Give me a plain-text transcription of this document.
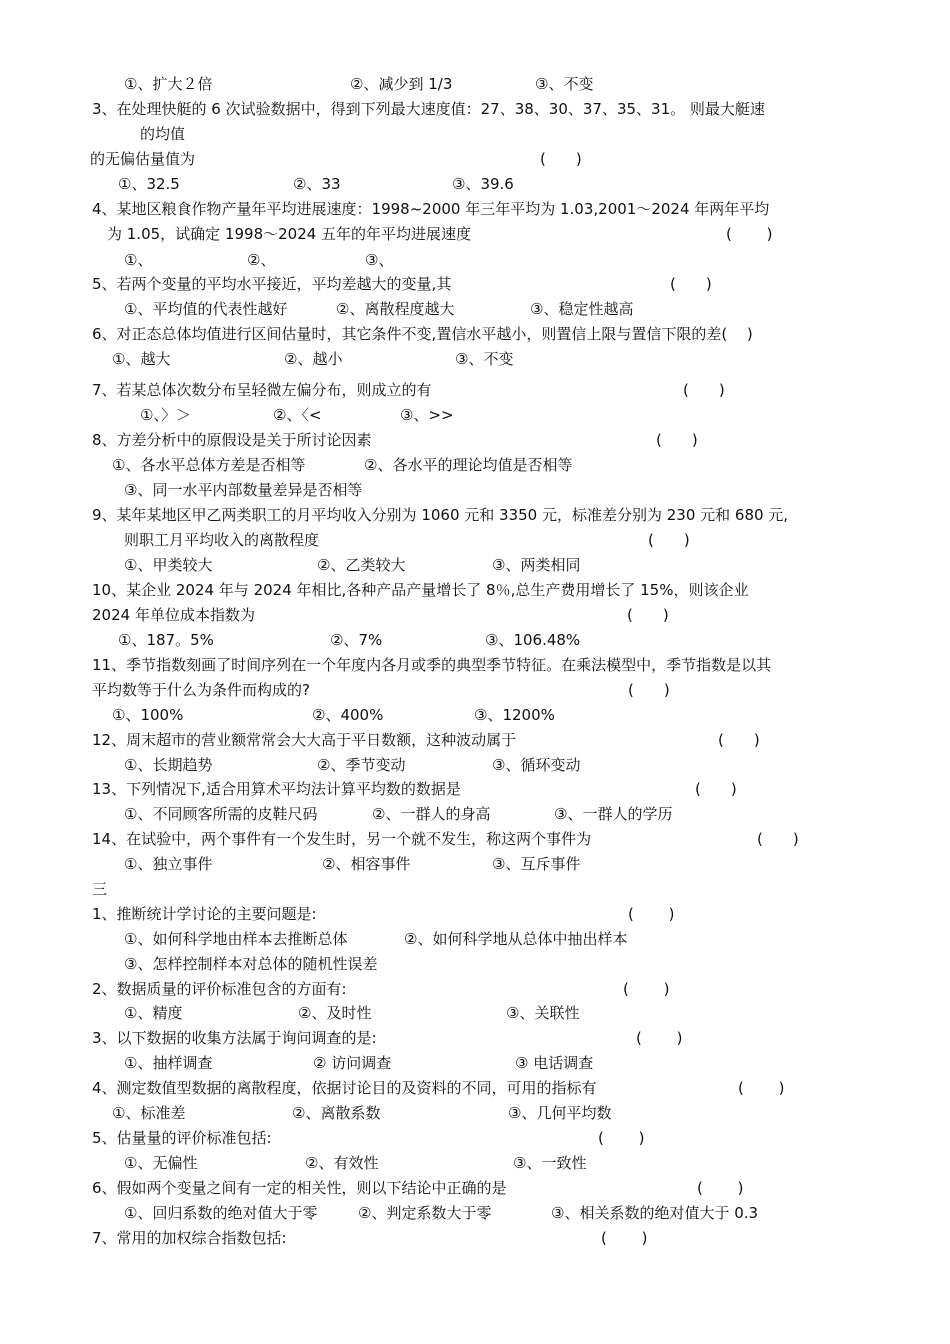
①、扩大２倍	②、减少到 1/3	③、不变
3、在处理快艇的 6 次试验数据中，得到下列最大速度值：27、38、30、37、35、31。 则最大艇速
的均值
的无偏估量值为	(　　)
①、32.5	②、33	③、39.6
4、某地区粮食作物产量年平均进展速度：1998~2000 年三年平均为 1.03,2001～2024 年两年平均
为 1.05，试确定 1998～2024 五年的年平均进展速度	(　　 )
①、	②、	③、
5、若两个变量的平均水平接近，平均差越大的变量,其	(　　)
①、平均值的代表性越好	②、离散程度越大	③、稳定性越高
6、对正态总体均值进行区间估量时，其它条件不变,置信水平越小，则置信上限与置信下限的差(　 )
①、越大	②、越小	③、不变
7、若某总体次数分布呈轻微左偏分布，则成立的有	(　　)
①、〉＞	②、〈<	③、>>
8、方差分析中的原假设是关于所讨论因素	(　　)
①、各水平总体方差是否相等	②、各水平的理论均值是否相等
③、同一水平内部数量差异是否相等
9、某年某地区甲乙两类职工的月平均收入分别为 1060 元和 3350 元，标准差分别为 230 元和 680 元,
则职工月平均收入的离散程度	(　　)
①、甲类较大	②、乙类较大	③、两类相同
10、某企业 2024 年与 2024 年相比,各种产品产量增长了 8％,总生产费用增长了 15%，则该企业
2024 年单位成本指数为	(　　)
①、187。5%	②、7%	③、106.48%
11、季节指数刻画了时间序列在一个年度内各月或季的典型季节特征。在乘法模型中，季节指数是以其
平均数等于什么为条件而构成的?	(　　)
①、100%	②、400%	③、1200%
12、周末超市的营业额常常会大大高于平日数额，这种波动属于	(　　)
①、长期趋势	②、季节变动	③、循环变动
13、下列情况下,适合用算术平均法计算平均数的数据是	(　　)
①、不同顾客所需的皮鞋尺码	②、一群人的身高	③、一群人的学历
14、在试验中，两个事件有一个发生时，另一个就不发生，称这两个事件为	(　　)
①、独立事件	②、相容事件	③、互斥事件
三
1、推断统计学讨论的主要问题是:	(　　 )
①、如何科学地由样本去推断总体	②、如何科学地从总体中抽出样本
③、怎样控制样本对总体的随机性误差
2、数据质量的评价标准包含的方面有:	(　　 )
①、精度	②、及时性	③、关联性
3、以下数据的收集方法属于询问调查的是:	(　　 )
①、抽样调查	② 访问调查	③ 电话调查
4、测定数值型数据的离散程度，依据讨论目的及资料的不同，可用的指标有	(　　 )
①、标准差	②、离散系数	③、几何平均数
5、估量量的评价标准包括:	(　　 )
①、无偏性	②、有效性	③、一致性
6、假如两个变量之间有一定的相关性，则以下结论中正确的是	(　　 )
①、回归系数的绝对值大于零	②、判定系数大于零	③、相关系数的绝对值大于 0.3
7、常用的加权综合指数包括:	(　　 )
